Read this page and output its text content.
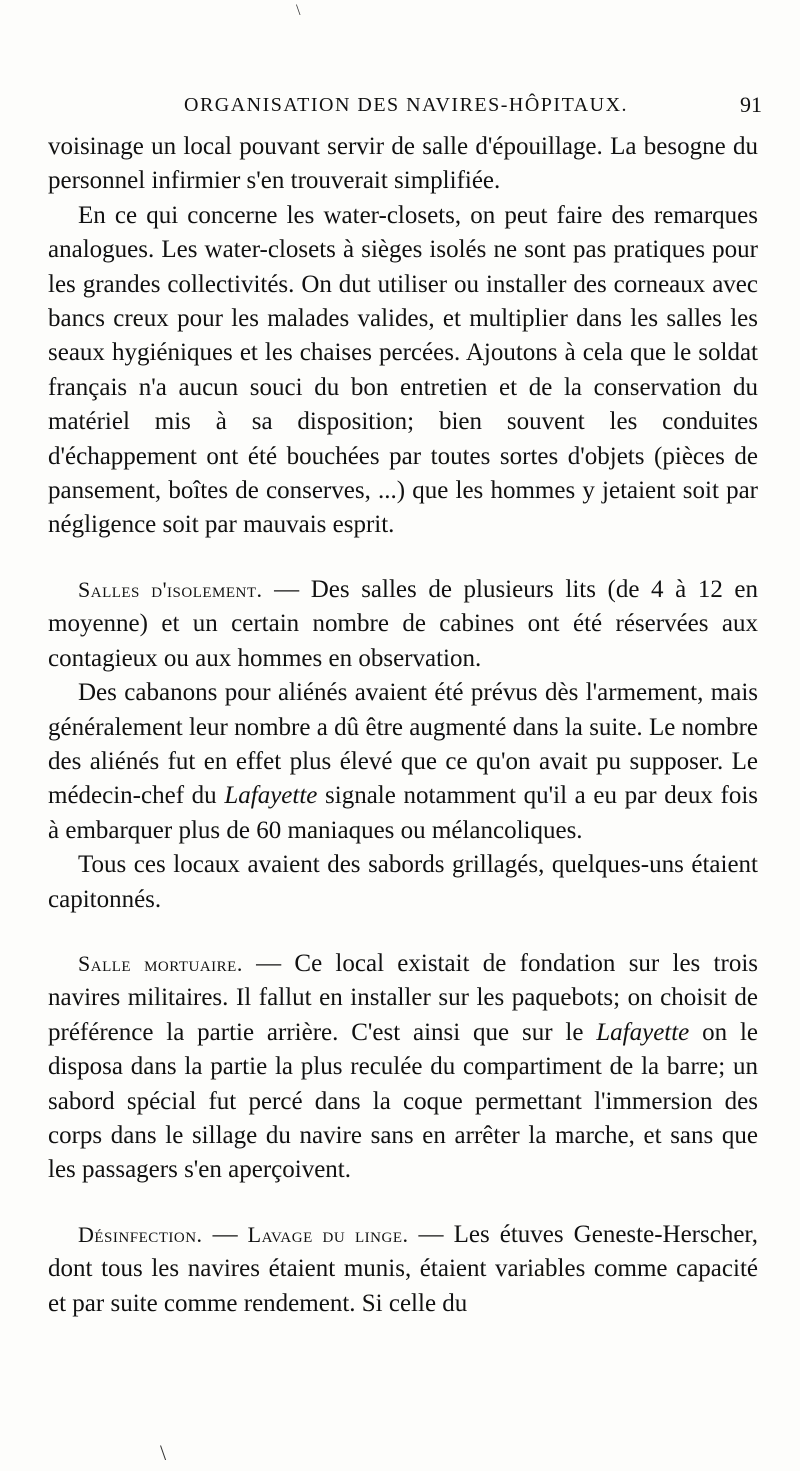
ORGANISATION DES NAVIRES-HÔPITAUX.	91

voisinage un local pouvant servir de salle d'épouillage. La besogne du personnel infirmier s'en trouverait simplifiée.

En ce qui concerne les water-closets, on peut faire des remarques analogues. Les water-closets à sièges isolés ne sont pas pratiques pour les grandes collectivités. On dut utiliser ou installer des corneaux avec bancs creux pour les malades valides, et multiplier dans les salles les seaux hygiéniques et les chaises percées. Ajoutons à cela que le soldat français n'a aucun souci du bon entretien et de la conservation du matériel mis à sa disposition; bien souvent les conduites d'échappement ont été bouchées par toutes sortes d'objets (pièces de pansement, boîtes de conserves, ...) que les hommes y jetaient soit par négligence soit par mauvais esprit.

Salles d'isolement. — Des salles de plusieurs lits (de 4 à 12 en moyenne) et un certain nombre de cabines ont été réservées aux contagieux ou aux hommes en observation.

Des cabanons pour aliénés avaient été prévus dès l'armement, mais généralement leur nombre a dû être augmenté dans la suite. Le nombre des aliénés fut en effet plus élevé que ce qu'on avait pu supposer. Le médecin-chef du Lafayette signale notamment qu'il a eu par deux fois à embarquer plus de 60 maniaques ou mélancoliques.

Tous ces locaux avaient des sabords grillagés, quelques-uns étaient capitonnés.

Salle mortuaire. — Ce local existait de fondation sur les trois navires militaires. Il fallut en installer sur les paquebots; on choisit de préférence la partie arrière. C'est ainsi que sur le Lafayette on le disposa dans la partie la plus reculée du compartiment de la barre; un sabord spécial fut percé dans la coque permettant l'immersion des corps dans le sillage du navire sans en arrêter la marche, et sans que les passagers s'en aperçoivent.

Désinfection. — Lavage du linge. — Les étuves Geneste-Herscher, dont tous les navires étaient munis, étaient variables comme capacité et par suite comme rendement. Si celle du

\
\
